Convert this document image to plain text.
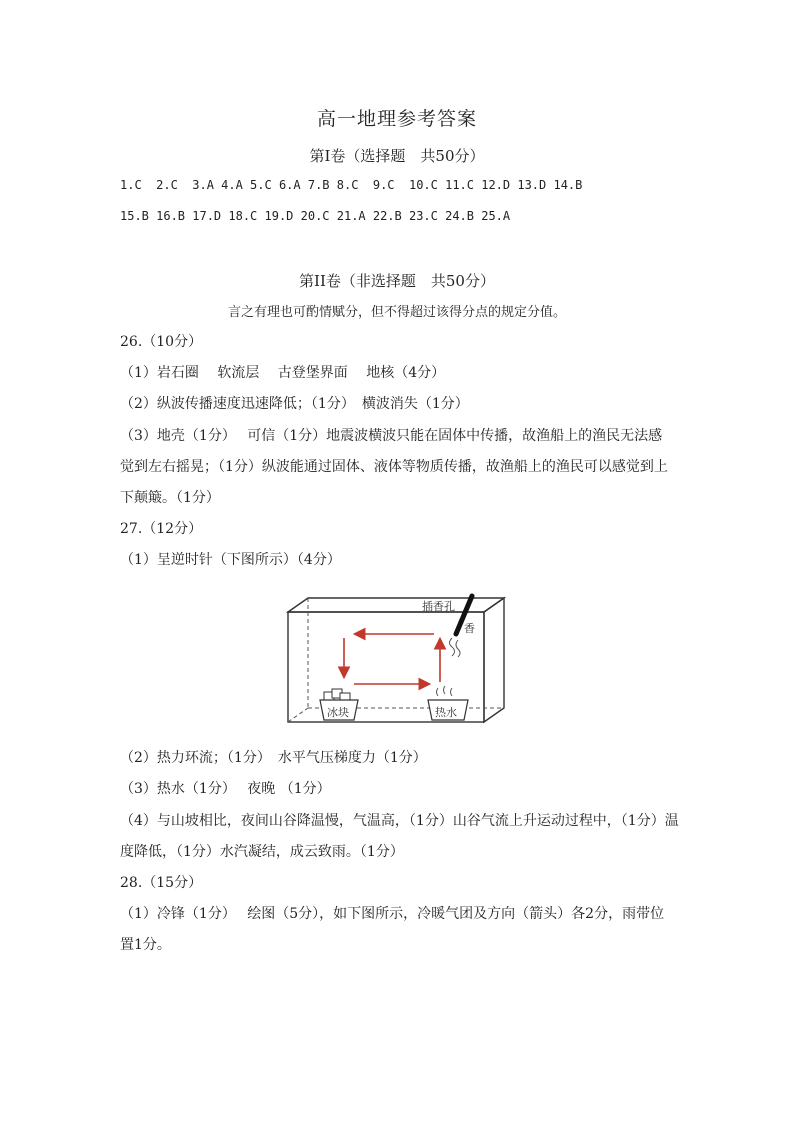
高一地理参考答案
第Ⅰ卷（选择题　共50分）
1.C  2.C  3.A 4.A 5.C 6.A 7.B 8.C  9.C  10.C 11.C 12.D 13.D 14.B
15.B 16.B 17.D 18.C 19.D 20.C 21.A 22.B 23.C 24.B 25.A
第II卷（非选择题　共50分）
言之有理也可酌情赋分，但不得超过该得分点的规定分值。
26.（10分）
（1）岩石圈　 软流层　 古登堡界面　 地核（4分）
（2）纵波传播速度迅速降低；（1分）　横波消失（1分）
（3）地壳（1分）　 可信（1分）地震波横波只能在固体中传播，故渔船上的渔民无法感
觉到左右摇晃；（1分）纵波能通过固体、液体等物质传播，故渔船上的渔民可以感觉到上
下颠簸。（1分）
27.（12分）
（1）呈逆时针（下图所示）（4分）
插香孔
香
冰块	热水
（2）热力环流；（1分）　水平气压梯度力（1分）
（3）热水（1分）　 夜晚 （1分）
（4）与山坡相比，夜间山谷降温慢，气温高，（1分）山谷气流上升运动过程中，（1分）温
度降低，（1分）水汽凝结，成云致雨。（1分）
28.（15分）
（1）冷锋（1分）　 绘图（5分），如下图所示，冷暖气团及方向（箭头）各2分，雨带位
置1分。
